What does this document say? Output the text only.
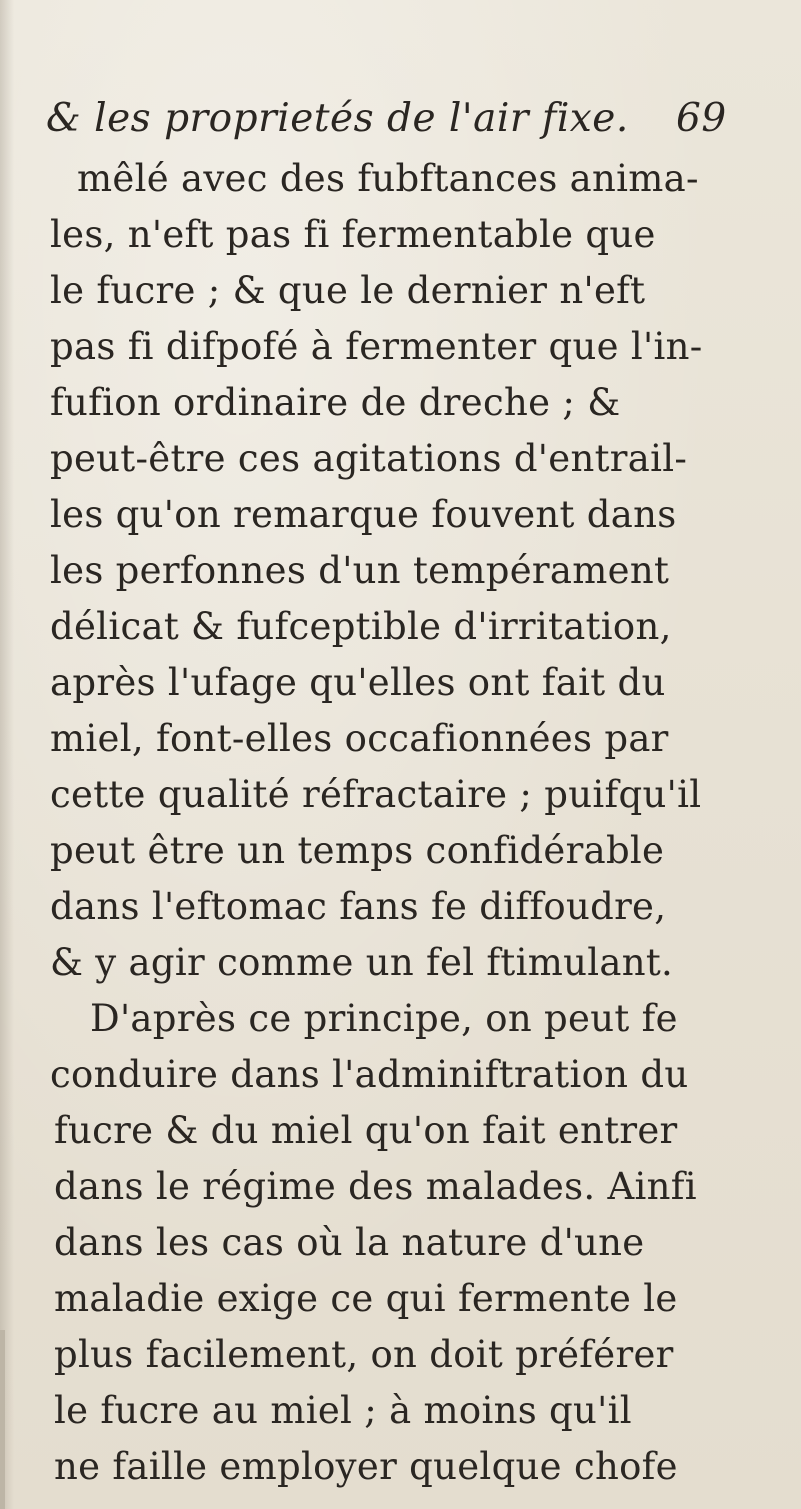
& les proprietés de l'air fixe. 69
mêlé avec des fubftances anima-
les, n'eft pas fi fermentable que
le fucre ; & que le dernier n'eft
pas fi difpofé à fermenter que l'in-
fufion ordinaire de dreche ; &
peut-être ces agitations d'entrail-
les qu'on remarque fouvent dans
les perfonnes d'un tempérament
délicat & fufceptible d'irritation,
après l'ufage qu'elles ont fait du
miel, font-elles occafionnées par
cette qualité réfractaire ; puifqu'il
peut être un temps confidérable
dans l'eftomac fans fe diffoudre,
& y agir comme un fel ftimulant.
D'après ce principe, on peut fe
conduire dans l'adminiftration du
fucre & du miel qu'on fait entrer
dans le régime des malades. Ainfi
dans les cas où la nature d'une
maladie exige ce qui fermente le
plus facilement, on doit préférer
le fucre au miel ; à moins qu'il
ne faille employer quelque chofe
